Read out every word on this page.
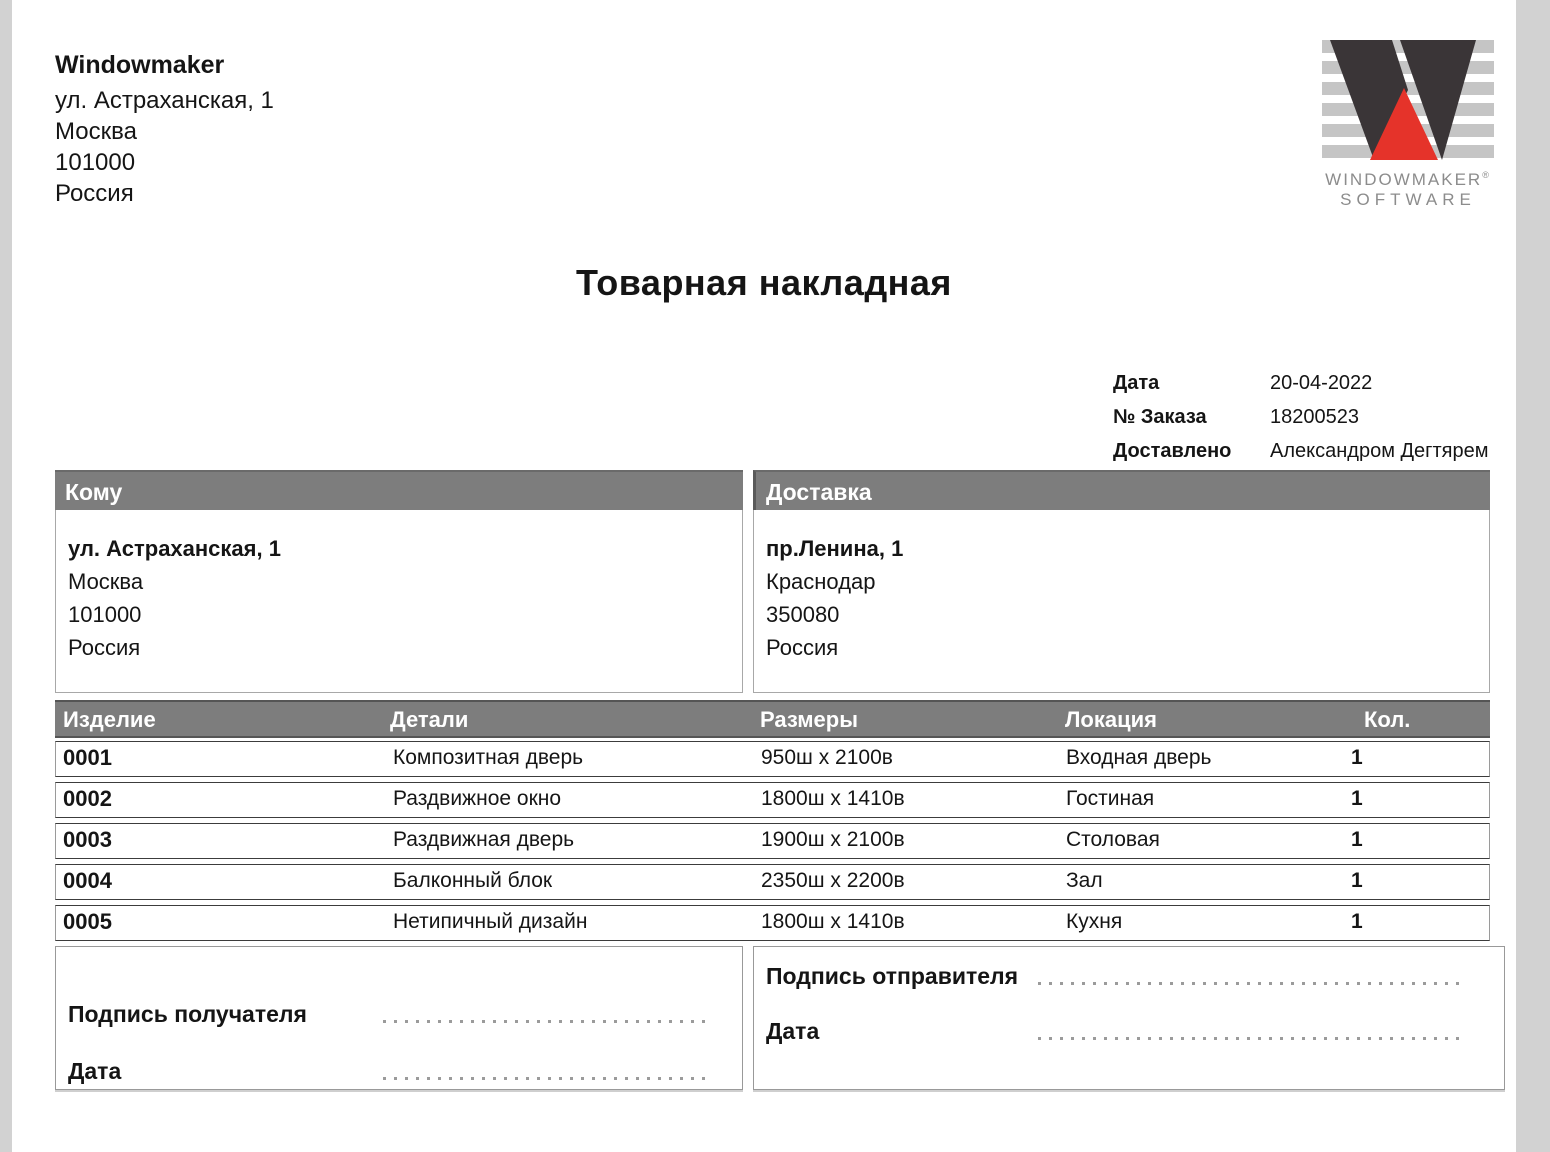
Windowmaker
ул. Астраханская, 1
Москва
101000
Россия
WINDOWMAKER®
SOFTWARE
Товарная накладная
Дата	20-04-2022
№ Заказа	18200523
Доставлено	Александром Дегтярем
Кому
ул. Астраханская, 1
Москва
101000
Россия
Доставка
пр.Ленина, 1
Краснодар
350080
Россия
Изделие	Детали	Размеры	Локация	Кол.
0001	Композитная дверь	950ш x 2100в	Входная дверь	1
0002	Раздвижное окно	1800ш x 1410в	Гостиная	1
0003	Раздвижная дверь	1900ш x 2100в	Столовая	1
0004	Балконный блок	2350ш x 2200в	Зал	1
0005	Нетипичный дизайн	1800ш x 1410в	Кухня	1
Подпись получателя
Дата
Подпись отправителя
Дата
